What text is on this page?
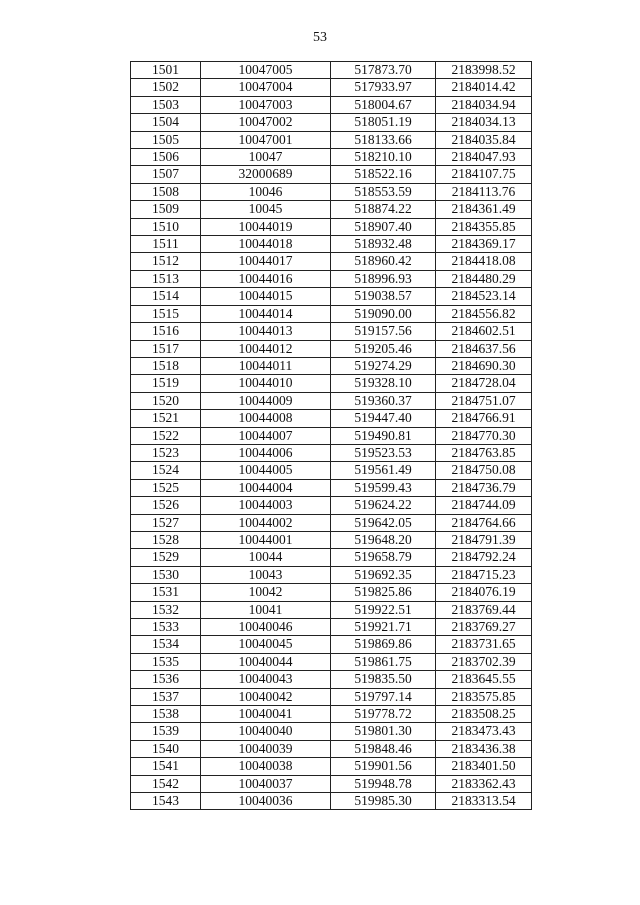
53
1501	10047005	517873.70	2183998.52
1502	10047004	517933.97	2184014.42
1503	10047003	518004.67	2184034.94
1504	10047002	518051.19	2184034.13
1505	10047001	518133.66	2184035.84
1506	10047	518210.10	2184047.93
1507	32000689	518522.16	2184107.75
1508	10046	518553.59	2184113.76
1509	10045	518874.22	2184361.49
1510	10044019	518907.40	2184355.85
1511	10044018	518932.48	2184369.17
1512	10044017	518960.42	2184418.08
1513	10044016	518996.93	2184480.29
1514	10044015	519038.57	2184523.14
1515	10044014	519090.00	2184556.82
1516	10044013	519157.56	2184602.51
1517	10044012	519205.46	2184637.56
1518	10044011	519274.29	2184690.30
1519	10044010	519328.10	2184728.04
1520	10044009	519360.37	2184751.07
1521	10044008	519447.40	2184766.91
1522	10044007	519490.81	2184770.30
1523	10044006	519523.53	2184763.85
1524	10044005	519561.49	2184750.08
1525	10044004	519599.43	2184736.79
1526	10044003	519624.22	2184744.09
1527	10044002	519642.05	2184764.66
1528	10044001	519648.20	2184791.39
1529	10044	519658.79	2184792.24
1530	10043	519692.35	2184715.23
1531	10042	519825.86	2184076.19
1532	10041	519922.51	2183769.44
1533	10040046	519921.71	2183769.27
1534	10040045	519869.86	2183731.65
1535	10040044	519861.75	2183702.39
1536	10040043	519835.50	2183645.55
1537	10040042	519797.14	2183575.85
1538	10040041	519778.72	2183508.25
1539	10040040	519801.30	2183473.43
1540	10040039	519848.46	2183436.38
1541	10040038	519901.56	2183401.50
1542	10040037	519948.78	2183362.43
1543	10040036	519985.30	2183313.54
